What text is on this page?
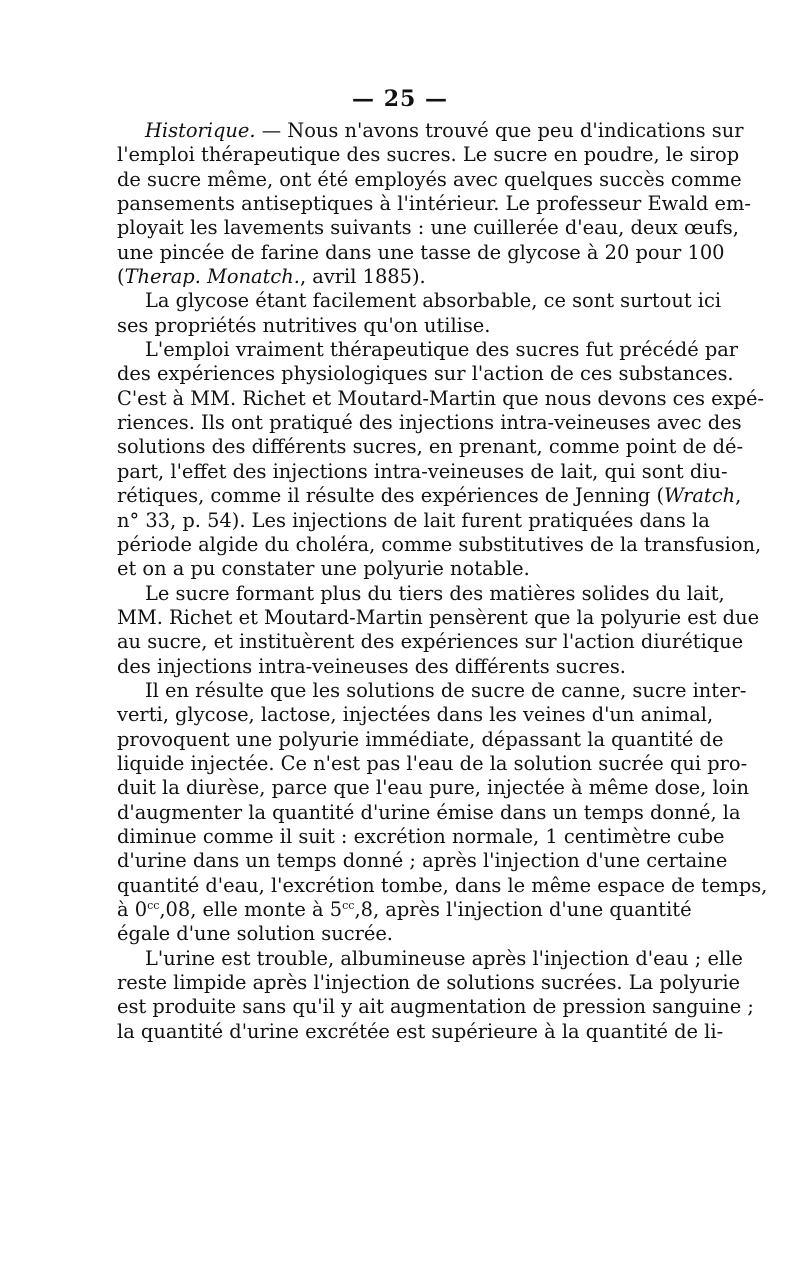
— 25 —
Historique. — Nous n'avons trouvé que peu d'indications sur
l'emploi thérapeutique des sucres. Le sucre en poudre, le sirop
de sucre même, ont été employés avec quelques succès comme
pansements antiseptiques à l'intérieur. Le professeur Ewald em-
ployait les lavements suivants : une cuillerée d'eau, deux œufs,
une pincée de farine dans une tasse de glycose à 20 pour 100
(Therap. Monatch., avril 1885).
La glycose étant facilement absorbable, ce sont surtout ici
ses propriétés nutritives qu'on utilise.
L'emploi vraiment thérapeutique des sucres fut précédé par
des expériences physiologiques sur l'action de ces substances.
C'est à MM. Richet et Moutard-Martin que nous devons ces expé-
riences. Ils ont pratiqué des injections intra-veineuses avec des
solutions des différents sucres, en prenant, comme point de dé-
part, l'effet des injections intra-veineuses de lait, qui sont diu-
rétiques, comme il résulte des expériences de Jenning (Wratch,
n° 33, p. 54). Les injections de lait furent pratiquées dans la
période algide du choléra, comme substitutives de la transfusion,
et on a pu constater une polyurie notable.
Le sucre formant plus du tiers des matières solides du lait,
MM. Richet et Moutard-Martin pensèrent que la polyurie est due
au sucre, et instituèrent des expériences sur l'action diurétique
des injections intra-veineuses des différents sucres.
Il en résulte que les solutions de sucre de canne, sucre inter-
verti, glycose, lactose, injectées dans les veines d'un animal,
provoquent une polyurie immédiate, dépassant la quantité de
liquide injectée. Ce n'est pas l'eau de la solution sucrée qui pro-
duit la diurèse, parce que l'eau pure, injectée à même dose, loin
d'augmenter la quantité d'urine émise dans un temps donné, la
diminue comme il suit : excrétion normale, 1 centimètre cube
d'urine dans un temps donné ; après l'injection d'une certaine
quantité d'eau, l'excrétion tombe, dans le même espace de temps,
à $0^{cc},08$, elle monte à $5^{cc},8$, après l'injection d'une quantité
égale d'une solution sucrée.
L'urine est trouble, albumineuse après l'injection d'eau ; elle
reste limpide après l'injection de solutions sucrées. La polyurie
est produite sans qu'il y ait augmentation de pression sanguine ;
la quantité d'urine excrétée est supérieure à la quantité de li-
